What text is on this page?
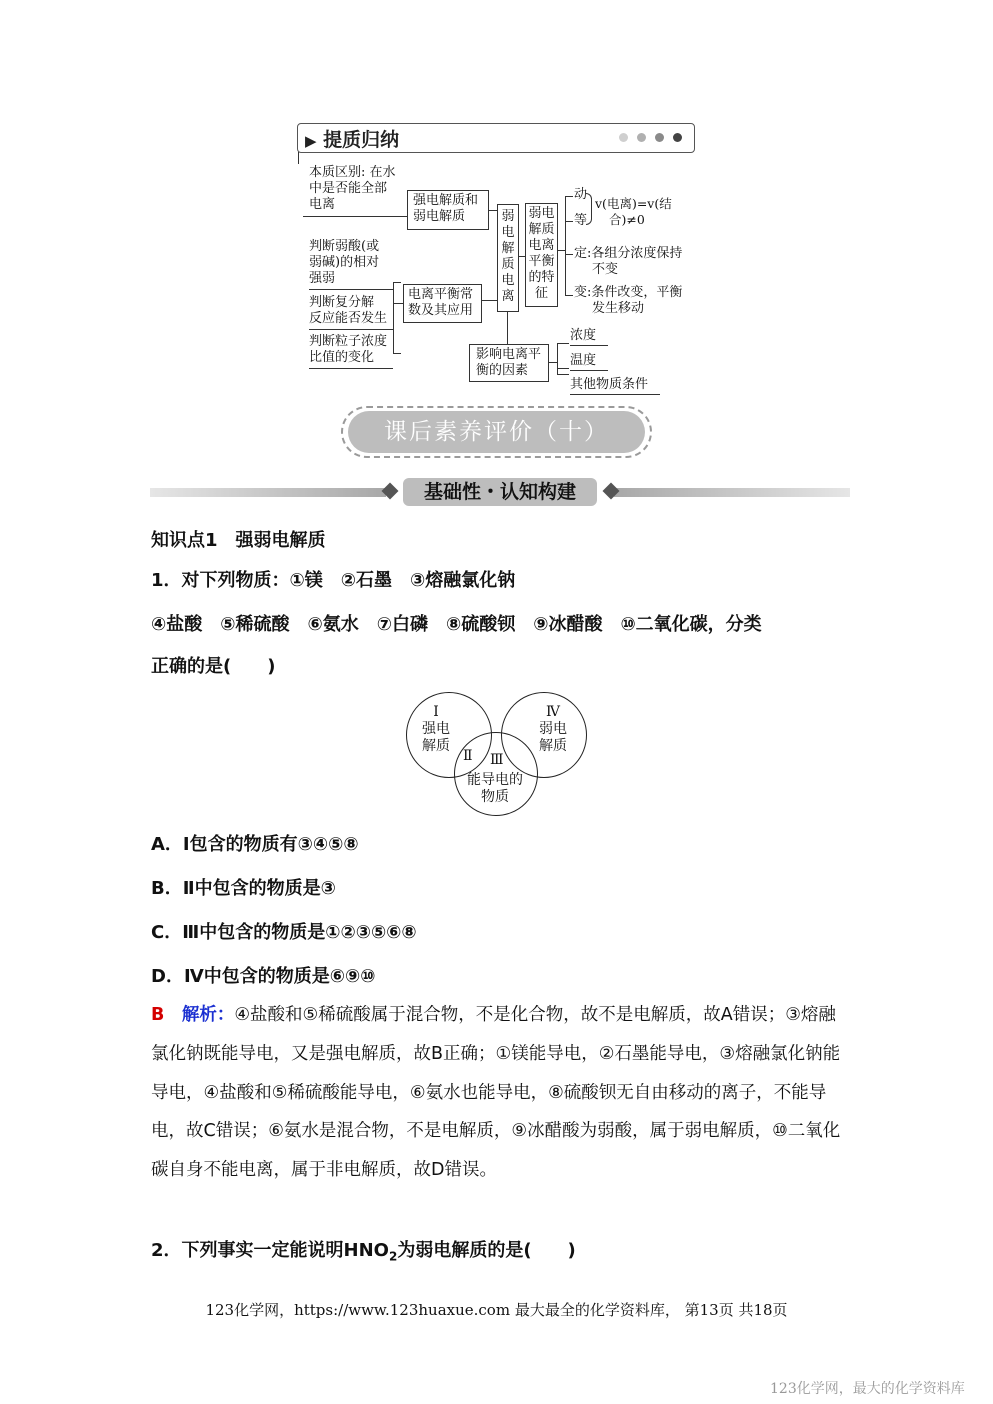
▶ 提质归纳
本质区别: 在水
中是否能全部
电离	强电解质和
弱电解质	弱
电
解
质
电
离
弱电
解质
电离
平衡
的特
征
动
等
v(电离)=v(结
合)≠0
定:各组分浓度保持
不变
变:条件改变，平衡
发生移动
判断弱酸(或
弱碱)的相对
强弱
判断复分解
反应能否发生
判断粒子浓度
比值的变化
电离平衡常
数及其应用
影响电离平
衡的因素
浓度
温度
其他物质条件
课后素养评价（十）
基础性・认知构建
知识点1　强弱电解质
1．对下列物质：①镁　②石墨　③熔融氯化钠
④盐酸　⑤稀硫酸　⑥氨水　⑦白磷　⑧硫酸钡　⑨冰醋酸　⑩二氧化碳，分类
正确的是(　　)
Ⅰ
强电
解质
Ⅳ
弱电
解质
Ⅱ Ⅲ
能导电的
物质
A．Ⅰ包含的物质有③④⑤⑧
B．Ⅱ中包含的物质是③
C．Ⅲ中包含的物质是①②③⑤⑥⑧
D．Ⅳ中包含的物质是⑥⑨⑩
B　 解析：④盐酸和⑤稀硫酸属于混合物，不是化合物，故不是电解质，故A错误；③熔融氯化钠既能导电，又是强电解质，故B正确；①镁能导电，②石墨能导电，③熔融氯化钠能导电，④盐酸和⑤稀硫酸能导电，⑥氨水也能导电，⑧硫酸钡无自由移动的离子，不能导电，故C错误；⑥氨水是混合物，不是电解质，⑨冰醋酸为弱酸，属于弱电解质，⑩二氧化碳自身不能电离，属于非电解质，故D错误。
2．下列事实一定能说明$HNO_2$为弱电解质的是(　　)
123化学网，https://www.123huaxue.com 最大最全的化学资料库， 第13页 共18页
123化学网，最大的化学资料库
